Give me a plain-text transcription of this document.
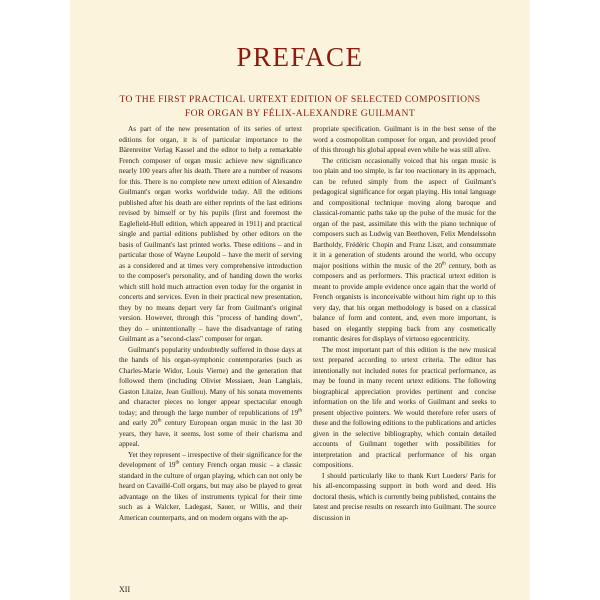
PREFACE
TO THE FIRST PRACTICAL URTEXT EDITION OF SELECTED COMPOSITIONS
FOR ORGAN BY FÉLIX-ALEXANDRE GUILMANT

As part of the new presentation of its series of urtext editions for organ, it is of particular importance to the Bärenreiter Verlag Kassel and the editor to help a remarkable French composer of organ music achieve new significance nearly 100 years after his death. There are a number of reasons for this. There is no complete new urtext edition of Alexandre Guilmant's organ works worldwide today. All the editions published after his death are either reprints of the last editions revised by himself or by his pupils (first and foremost the Eaglefield-Hull edition, which appeared in 1911) and practical single and partial editions published by other editors on the basis of Guilmant's last printed works. These editions – and in particular those of Wayne Leupold – have the merit of serving as a considered and at times very comprehensive introduction to the composer's personality, and of handing down the works which still hold much attraction even today for the organist in concerts and services. Even in their practical new presentation, they by no means depart very far from Guilmant's original version. However, through this "process of handing down", they do – unintentionally – have the disadvantage of rating Guilmant as a "second-class" composer for organ.

Guilmant's popularity undoubtedly suffered in those days at the hands of his organ-symphonic contemporaries (such as Charles-Marie Widor, Louis Vierne) and the generation that followed them (including Olivier Messiaen, Jean Langlais, Gaston Litaize, Jean Guillou). Many of his sonata movements and character pieces no longer appear spectacular enough today; and through the large number of republications of 19th and early 20th century European organ music in the last 30 years, they have, it seems, lost some of their charisma and appeal.

Yet they represent – irrespective of their significance for the development of 19th century French organ music – a classic standard in the culture of organ playing, which can not only be heard on Cavaillé-Coll organs, but may also be played to great advantage on the likes of instruments typical for their time such as a Walcker, Ladegast, Sauer, or Willis, and their American counterparts, and on modern organs with the ap-

propriate specification. Guilmant is in the best sense of the word a cosmopolitan composer for organ, and provided proof of this through his global appeal even while he was still alive.

The criticism occasionally voiced that his organ music is too plain and too simple, is far too reactionary in its approach, can be refuted simply from the aspect of Guilmant's pedagogical significance for organ playing. His tonal language and compositional technique moving along baroque and classical-romantic paths take up the pulse of the music for the organ of the past, assimilate this with the piano technique of composers such as Ludwig van Beethoven, Felix Mendelssohn Bartholdy, Frédéric Chopin and Franz Liszt, and consummate it in a generation of students around the world, who occupy major positions within the music of the 20th century, both as composers and as performers. This practical urtext edition is meant to provide ample evidence once again that the world of French organists is inconceivable without him right up to this very day, that his organ methodology is based on a classical balance of form and content, and, even more important, is based on elegantly stepping back from any cosmetically romantic desires for displays of virtuoso egocentricity.

The most important part of this edition is the new musical text prepared according to urtext criteria. The editor has intentionally not included notes for practical performance, as may be found in many recent urtext editions. The following biographical appreciation provides pertinent and concise information on the life and works of Guilmant and seeks to present objective pointers. We would therefore refer users of these and the following editions to the publications and articles given in the selective bibliography, which contain detailed accounts of Guilmant together with possibilities for interpretation and practical performance of his organ compositions.

I should particularly like to thank Kurt Lueders/ Paris for his all-encompassing support in both word and deed. His doctoral thesis, which is currently being published, contains the latest and precise results on research into Guilmant. The source discussion in

XII
